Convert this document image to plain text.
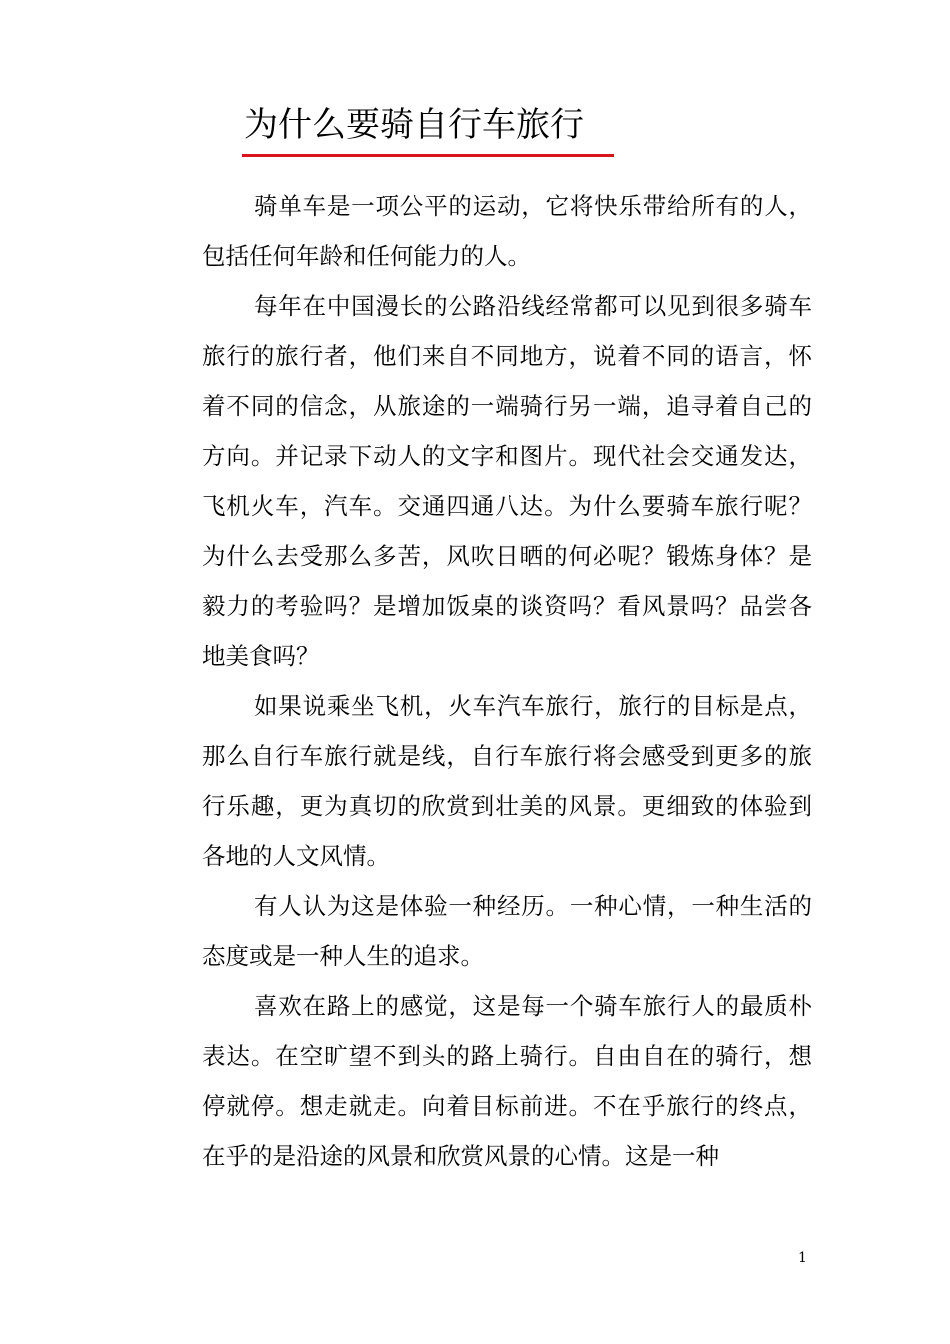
为什么要骑自行车旅行

骑单车是一项公平的运动，它将快乐带给所有的人，包括任何年龄和任何能力的人。

每年在中国漫长的公路沿线经常都可以见到很多骑车旅行的旅行者，他们来自不同地方，说着不同的语言，怀着不同的信念，从旅途的一端骑行另一端，追寻着自己的方向。并记录下动人的文字和图片。现代社会交通发达，飞机火车，汽车。交通四通八达。为什么要骑车旅行呢？为什么去受那么多苦，风吹日晒的何必呢？锻炼身体？是毅力的考验吗？是增加饭桌的谈资吗？看风景吗？品尝各地美食吗？

如果说乘坐飞机，火车汽车旅行，旅行的目标是点，那么自行车旅行就是线，自行车旅行将会感受到更多的旅行乐趣，更为真切的欣赏到壮美的风景。更细致的体验到各地的人文风情。

有人认为这是体验一种经历。一种心情，一种生活的态度或是一种人生的追求。

喜欢在路上的感觉，这是每一个骑车旅行人的最质朴表达。在空旷望不到头的路上骑行。自由自在的骑行，想停就停。想走就走。向着目标前进。不在乎旅行的终点，在乎的是沿途的风景和欣赏风景的心情。这是一种

1
